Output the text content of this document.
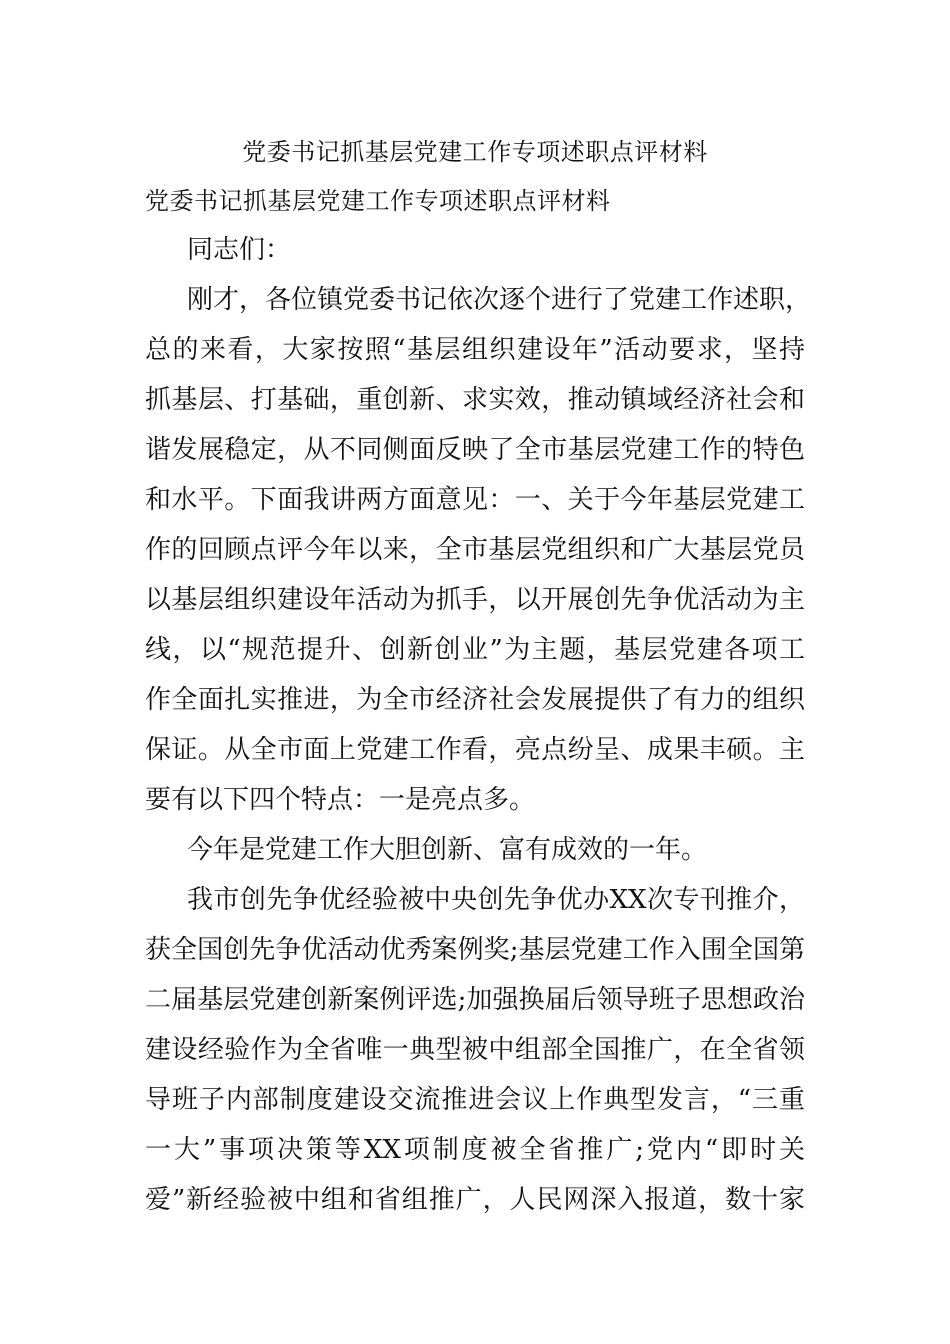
党委书记抓基层党建工作专项述职点评材料
党委书记抓基层党建工作专项述职点评材料
同志们：
刚才，各位镇党委书记依次逐个进行了党建工作述职，
总的来看，大家按照“基层组织建设年”活动要求，坚持
抓基层、打基础，重创新、求实效，推动镇域经济社会和
谐发展稳定，从不同侧面反映了全市基层党建工作的特色
和水平。下面我讲两方面意见：一、关于今年基层党建工
作的回顾点评今年以来，全市基层党组织和广大基层党员
以基层组织建设年活动为抓手，以开展创先争优活动为主
线，以“规范提升、创新创业”为主题，基层党建各项工
作全面扎实推进，为全市经济社会发展提供了有力的组织
保证。从全市面上党建工作看，亮点纷呈、成果丰硕。主
要有以下四个特点：一是亮点多。
今年是党建工作大胆创新、富有成效的一年。
我市创先争优经验被中央创先争优办XX次专刊推介，
获全国创先争优活动优秀案例奖;基层党建工作入围全国第
二届基层党建创新案例评选;加强换届后领导班子思想政治
建设经验作为全省唯一典型被中组部全国推广，在全省领
导班子内部制度建设交流推进会议上作典型发言，“三重
一大”事项决策等XX项制度被全省推广;党内“即时关
爱”新经验被中组和省组推广，人民网深入报道，数十家
